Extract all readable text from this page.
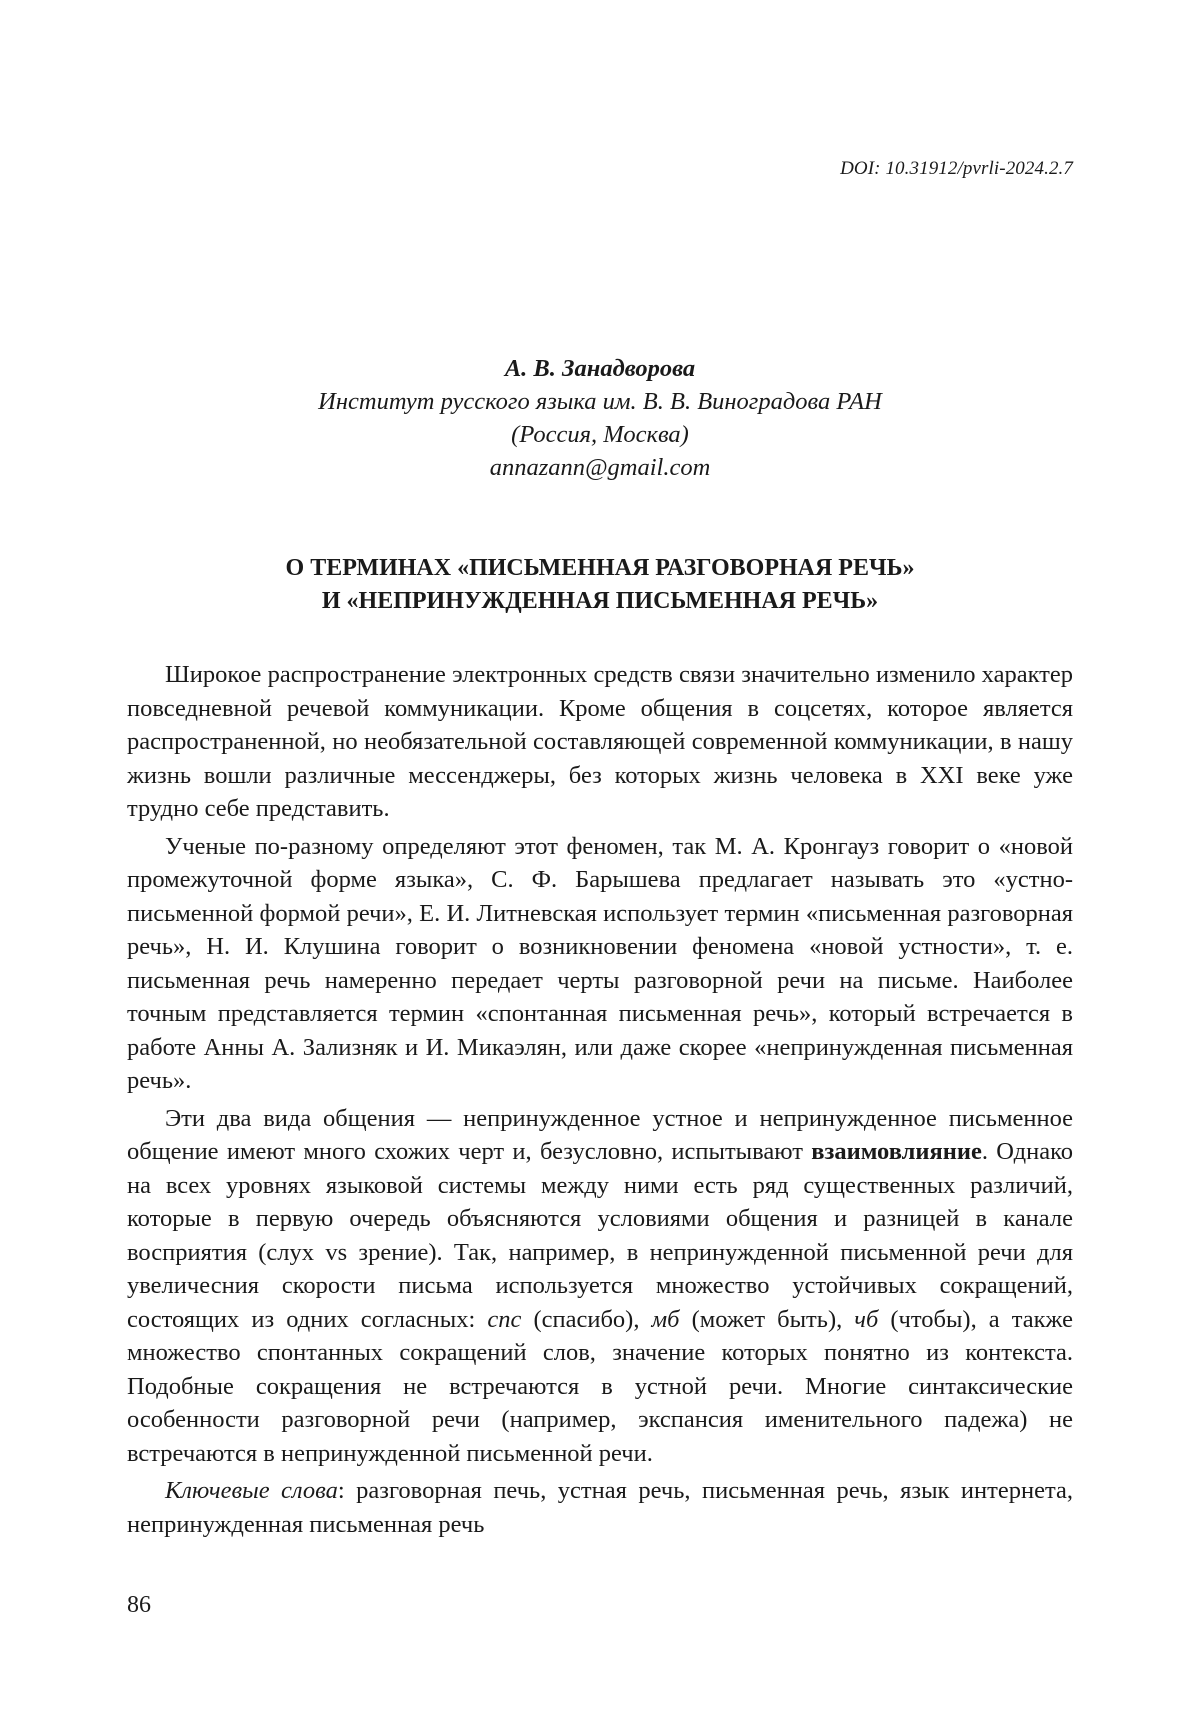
DOI: 10.31912/pvrli-2024.2.7

А. В. Занадворова
Институт русского языка им. В. В. Виноградова РАН
(Россия, Москва)
annazann@gmail.com
О ТЕРМИНАХ «ПИСЬМЕННАЯ РАЗГОВОРНАЯ РЕЧЬ»
И «НЕПРИНУЖДЕННАЯ ПИСЬМЕННАЯ РЕЧЬ»

Широкое распространение электронных средств связи значительно изменило характер повседневной речевой коммуникации. Кроме общения в соцсетях, которое является распространенной, но необязательной составляющей современной коммуникации, в нашу жизнь вошли различные мессенджеры, без которых жизнь человека в XXI веке уже трудно себе представить.

Ученые по-разному определяют этот феномен, так М. А. Кронгауз говорит о «новой промежуточной форме языка», С. Ф. Барышева предлагает называть это «устно-письменной формой речи», Е. И. Литневская использует термин «письменная разговорная речь», Н. И. Клушина говорит о возникновении феномена «новой устности», т. е. письменная речь намеренно передает черты разговорной речи на письме. Наиболее точным представляется термин «спонтанная письменная речь», который встречается в работе Анны А. Зализняк и И. Микаэлян, или даже скорее «непринужденная письменная речь».

Эти два вида общения — непринужденное устное и непринужденное письменное общение имеют много схожих черт и, безусловно, испытывают взаимовлияние. Однако на всех уровнях языковой системы между ними есть ряд существенных различий, которые в первую очередь объясняются условиями общения и разницей в канале восприятия (слух vs зрение). Так, например, в непринужденной письменной речи для увеличесния скорости письма используется множество устойчивых сокращений, состоящих из одних согласных: спс (спасибо), мб (может быть), чб (чтобы), а также множество спонтанных сокращений слов, значение которых понятно из контекста. Подобные сокращения не встречаются в устной речи. Многие синтаксические особенности разговорной речи (например, экспансия именительного падежа) не встречаются в непринужденной письменной речи.

Ключевые слова: разговорная печь, устная речь, письменная речь, язык интернета, непринужденная письменная речь

86
